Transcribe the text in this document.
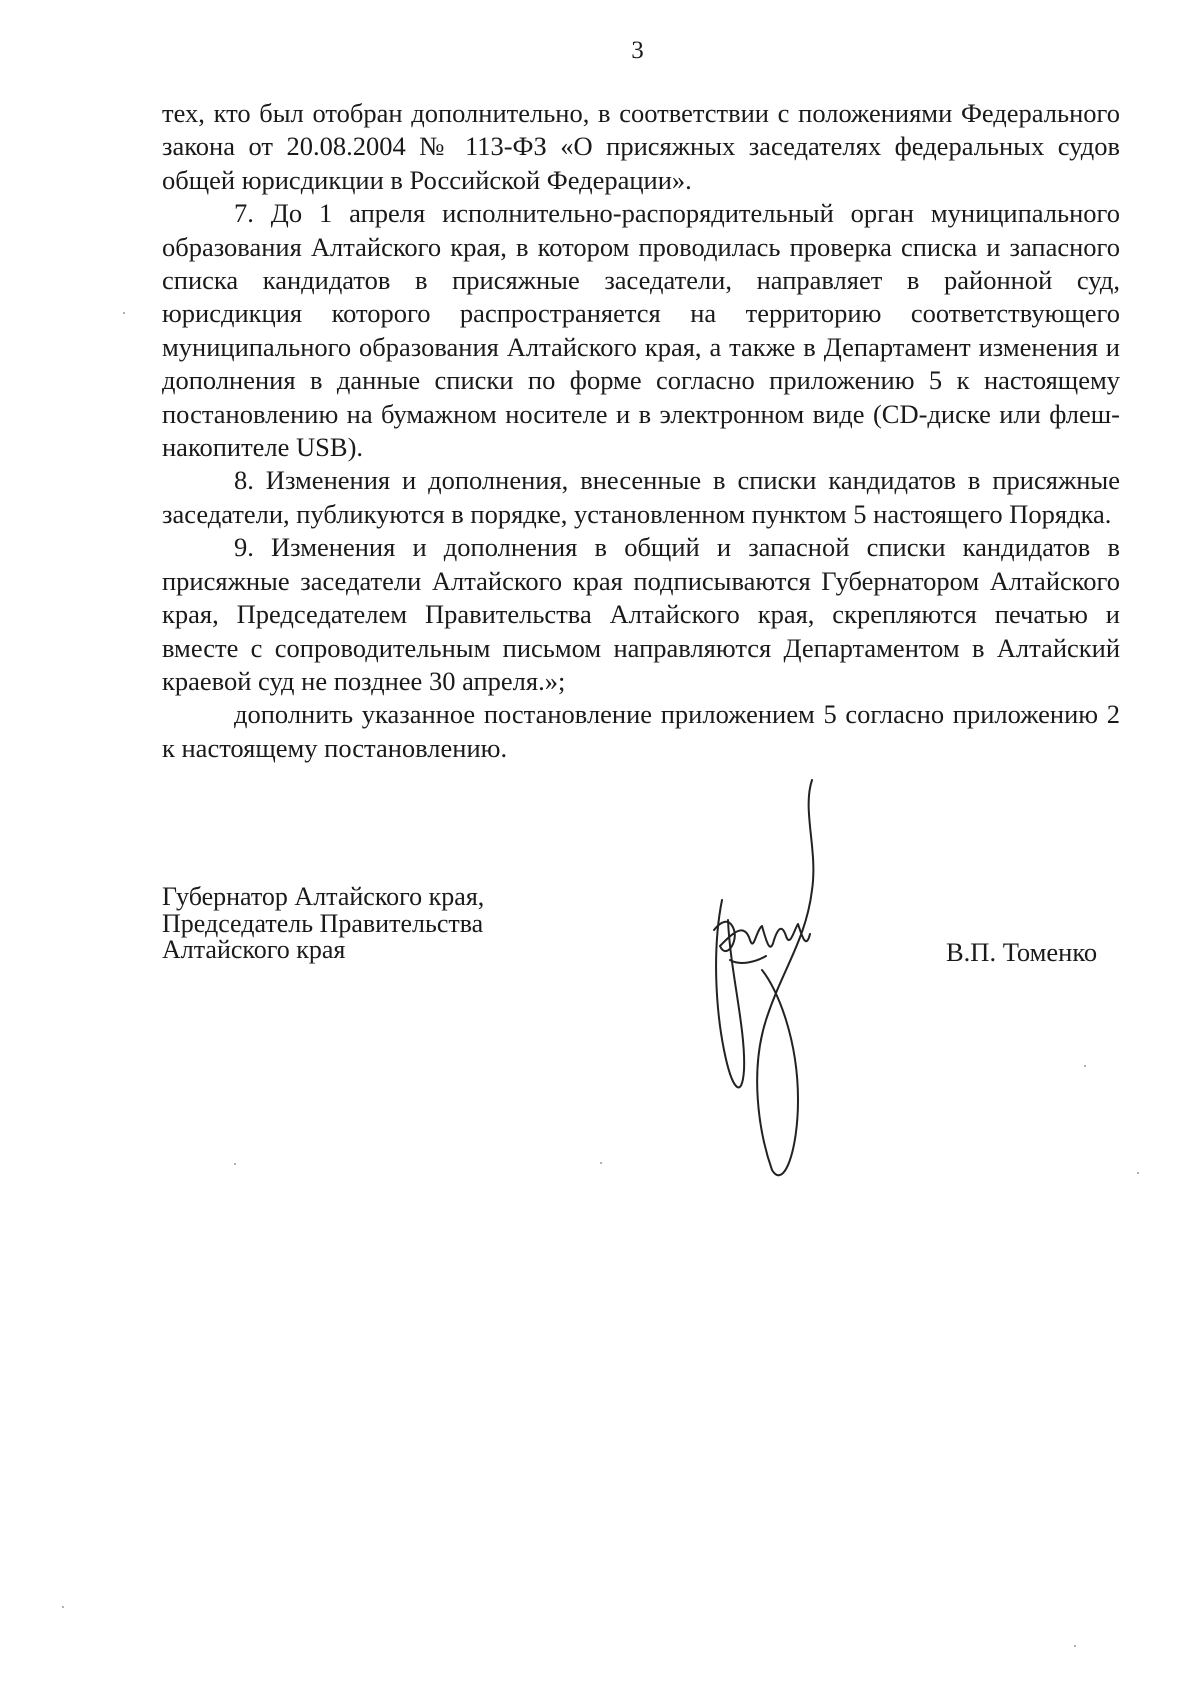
3

тех, кто был отобран дополнительно, в соответствии с положениями Федерального закона от 20.08.2004 № 113-ФЗ «О присяжных заседателях федеральных судов общей юрисдикции в Российской Федерации».

7. До 1 апреля исполнительно-распорядительный орган муниципального образования Алтайского края, в котором проводилась проверка списка и запасного списка кандидатов в присяжные заседатели, направляет в районной суд, юрисдикция которого распространяется на территорию соответствующего муниципального образования Алтайского края, а также в Департамент изменения и дополнения в данные списки по форме согласно приложению 5 к настоящему постановлению на бумажном носителе и в электронном виде (CD-диске или флеш-накопителе USB).

8. Изменения и дополнения, внесенные в списки кандидатов в присяжные заседатели, публикуются в порядке, установленном пунктом 5 настоящего Порядка.

9. Изменения и дополнения в общий и запасной списки кандидатов в присяжные заседатели Алтайского края подписываются Губернатором Алтайского края, Председателем Правительства Алтайского края, скрепляются печатью и вместе с сопроводительным письмом направляются Департаментом в Алтайский краевой суд не позднее 30 апреля.»;

дополнить указанное постановление приложением 5 согласно приложению 2 к настоящему постановлению.

Губернатор Алтайского края,
Председатель Правительства
Алтайского края	В.П. Томенко
